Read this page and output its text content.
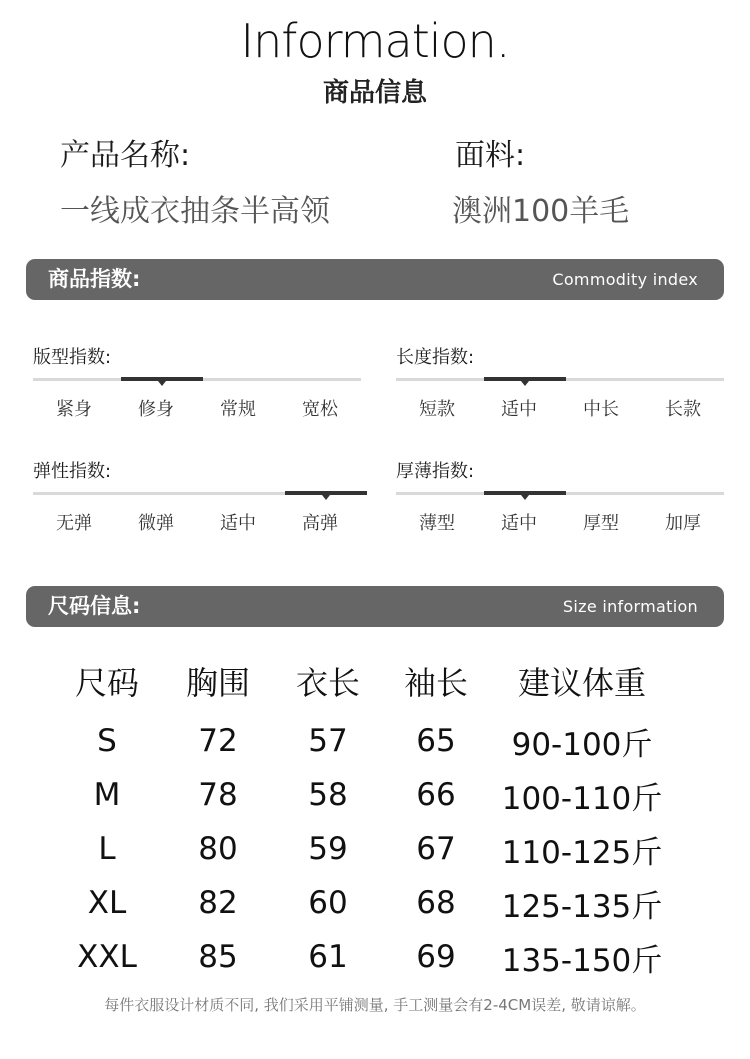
Information.
商品信息
产品名称:
一线成衣抽条半高领
面料:
澳洲100羊毛
商品指数:	Commodity index
版型指数:
紧身	修身	常规	宽松
长度指数:
短款	适中	中长	长款
弹性指数:
无弹	微弹	适中	高弹
厚薄指数:
薄型	适中	厚型	加厚
尺码信息:	Size information
尺码	胸围	衣长	袖长	建议体重
S	72	57	65	90-100斤
M	78	58	66	100-110斤
L	80	59	67	110-125斤
XL	82	60	68	125-135斤
XXL	85	61	69	135-150斤
每件衣服设计材质不同, 我们采用平铺测量, 手工测量会有2-4CM误差, 敬请谅解。
